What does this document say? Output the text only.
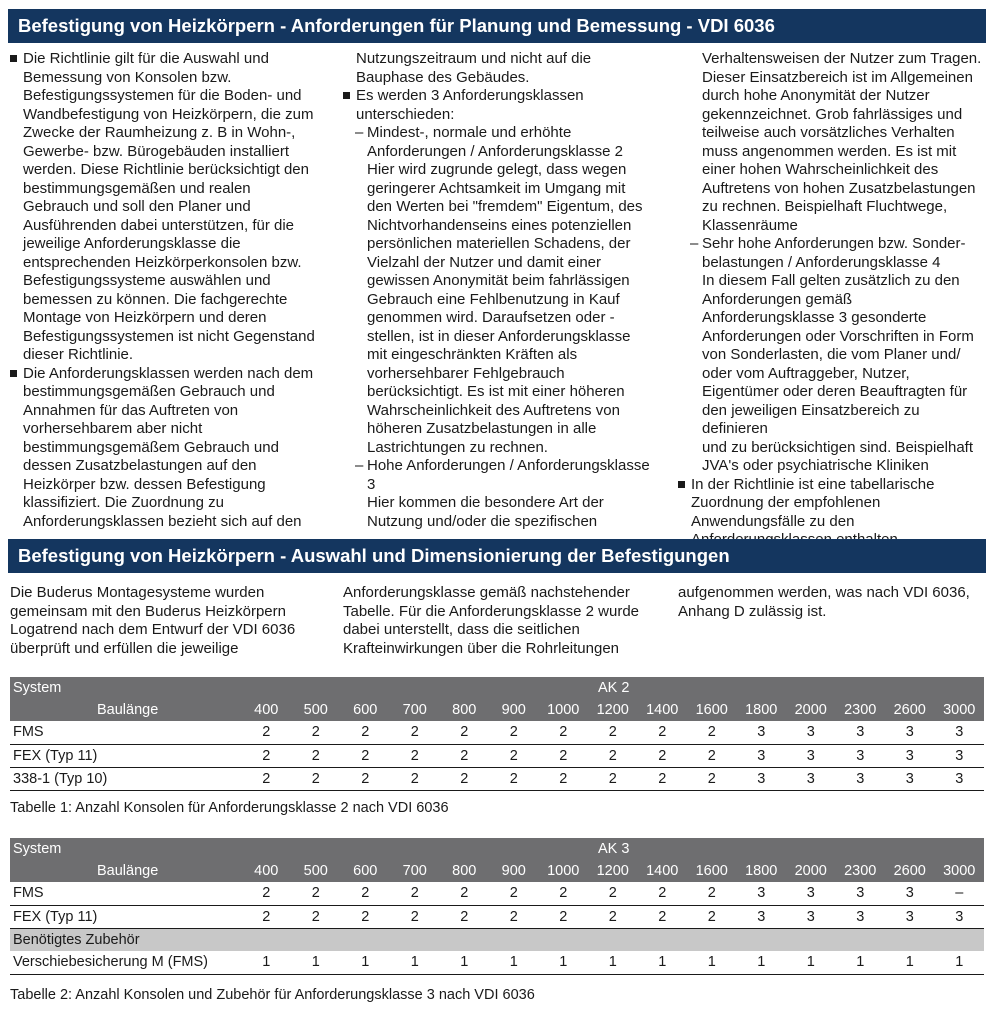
Befestigung von Heizkörpern - Anforderungen für Planung und Bemessung - VDI 6036

Die Richtlinie gilt für die Auswahl und

Bemessung von Konsolen bzw.

Befestigungssystemen für die Boden- und

Wandbefestigung von Heizkörpern, die zum

Zwecke der Raumheizung z. B in Wohn-,

Gewerbe- bzw. Bürogebäuden installiert

werden. Diese Richtlinie berücksichtigt den

bestimmungsgemäßen und realen

Gebrauch und soll den Planer und

Ausführenden dabei unterstützen, für die

jeweilige Anforderungsklasse die

entsprechenden Heizkörperkonsolen bzw.

Befestigungssysteme auswählen und

bemessen zu können. Die fachgerechte

Montage von Heizkörpern und deren

Befestigungssystemen ist nicht Gegenstand

dieser Richtlinie.

Die Anforderungsklassen werden nach dem

bestimmungsgemäßen Gebrauch und

Annahmen für das Auftreten von

vorhersehbarem aber nicht

bestimmungsgemäßem Gebrauch und

dessen Zusatzbelastungen auf den

Heizkörper bzw. dessen Befestigung

klassifiziert. Die Zuordnung zu

Anforderungsklassen bezieht sich auf den

Nutzungszeitraum und nicht auf die

Bauphase des Gebäudes.

Es werden 3 Anforderungsklassen

unterschieden:

– Mindest-, normale und erhöhte

Anforderungen / Anforderungsklasse 2

Hier wird zugrunde gelegt, dass wegen

geringerer Achtsamkeit im Umgang mit

den Werten bei "fremdem" Eigentum, des

Nichtvorhandenseins eines potenziellen

persönlichen materiellen Schadens, der

Vielzahl der Nutzer und damit einer

gewissen Anonymität beim fahrlässigen

Gebrauch eine Fehlbenutzung in Kauf

genommen wird. Daraufsetzen oder -

stellen, ist in dieser Anforderungsklasse

mit eingeschränkten Kräften als

vorhersehbarer Fehlgebrauch

berücksichtigt. Es ist mit einer höheren

Wahrscheinlichkeit des Auftretens von

höheren Zusatzbelastungen in alle

Lastrichtungen zu rechnen.

– Hohe Anforderungen / Anforderungsklasse

3

Hier kommen die besondere Art der

Nutzung und/oder die spezifischen

Verhaltensweisen der Nutzer zum Tragen.

Dieser Einsatzbereich ist im Allgemeinen

durch hohe Anonymität der Nutzer

gekennzeichnet. Grob fahrlässiges und

teilweise auch vorsätzliches Verhalten

muss angenommen werden. Es ist mit

einer hohen Wahrscheinlichkeit des

Auftretens von hohen Zusatzbelastungen

zu rechnen. Beispielhaft Fluchtwege,

Klassenräume

– Sehr hohe Anforderungen bzw. Sonder-

belastungen / Anforderungsklasse 4

In diesem Fall gelten zusätzlich zu den

Anforderungen gemäß

Anforderungsklasse 3 gesonderte

Anforderungen oder Vorschriften in Form

von Sonderlasten, die vom Planer und/

oder vom Auftraggeber, Nutzer,

Eigentümer oder deren Beauftragten für

den jeweiligen Einsatzbereich zu definieren

und zu berücksichtigen sind. Beispielhaft

JVA's oder psychiatrische Kliniken

In der Richtlinie ist eine tabellarische

Zuordnung der empfohlenen

Anwendungsfälle zu den

Befestigung von Heizkörpern - Auswahl und Dimensionierung der Befestigungen

Die Buderus Montagesysteme wurden

gemeinsam mit den Buderus Heizkörpern

Logatrend nach dem Entwurf der VDI 6036

überprüft und erfüllen die jeweilige

Anforderungsklasse gemäß nachstehender

Tabelle. Für die Anforderungsklasse 2 wurde

dabei unterstellt, dass die seitlichen

Krafteinwirkungen über die Rohrleitungen

aufgenommen werden, was nach VDI 6036,

Anhang D zulässig ist.

System								AK 2							
Baulänge	400	500	600	700	800	900	1000	1200	1400	1600	1800	2000	2300	2600	3000
FMS	2	2	2	2	2	2	2	2	2	2	3	3	3	3	3
FEX (Typ 11)	2	2	2	2	2	2	2	2	2	2	3	3	3	3	3
338-1 (Typ 10)	2	2	2	2	2	2	2	2	2	2	3	3	3	3	3
Tabelle 1: Anzahl Konsolen für Anforderungsklasse 2 nach VDI 6036
System								AK 3							
Baulänge	400	500	600	700	800	900	1000	1200	1400	1600	1800	2000	2300	2600	3000
FMS	2	2	2	2	2	2	2	2	2	2	3	3	3	3	–
FEX (Typ 11)	2	2	2	2	2	2	2	2	2	2	3	3	3	3	3
Benötigtes Zubehör															
Verschiebesicherung M (FMS)	1	1	1	1	1	1	1	1	1	1	1	1	1	1	1
Tabelle 2: Anzahl Konsolen und Zubehör für Anforderungsklasse 3 nach VDI 6036
